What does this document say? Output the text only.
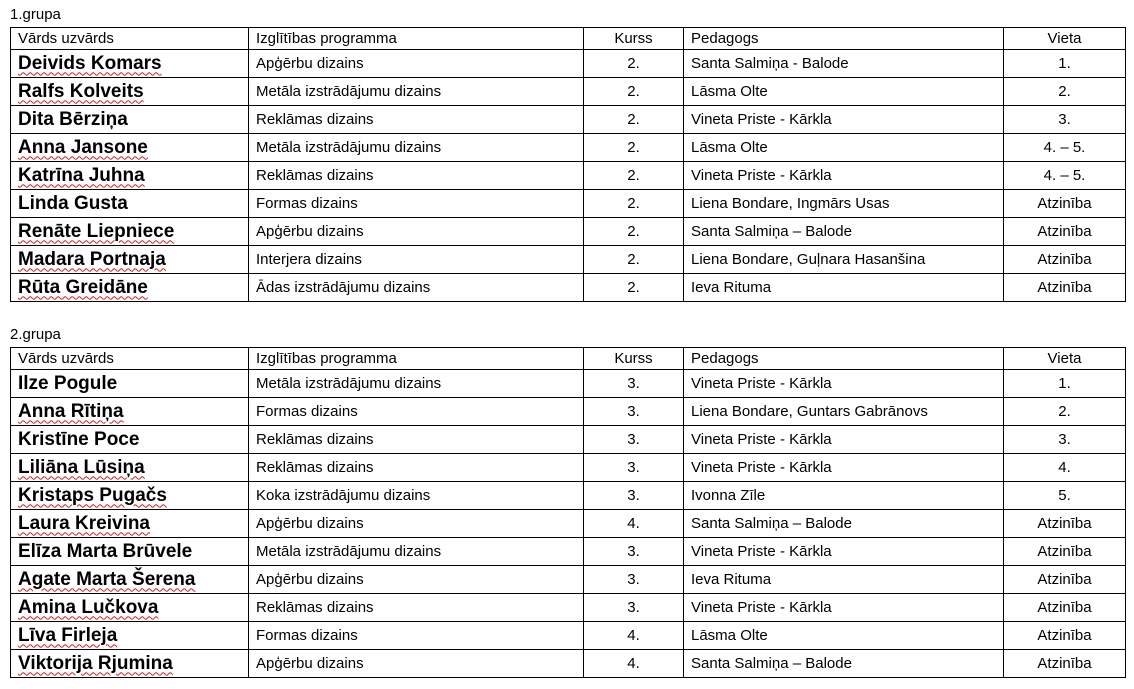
1.grupa
Vārds uzvārds	Izglītības programma	Kurss	Pedagogs	Vieta
Deivids Komars	Apģērbu dizains	2.	Santa Salmiņa - Balode	1.
Ralfs Kolveits	Metāla izstrādājumu dizains	2.	Lāsma Olte	2.
Dita Bērziņa	Reklāmas dizains	2.	Vineta Priste - Kārkla	3.
Anna Jansone	Metāla izstrādājumu dizains	2.	Lāsma Olte	4. – 5.
Katrīna Juhna	Reklāmas dizains	2.	Vineta Priste - Kārkla	4. – 5.
Linda Gusta	Formas dizains	2.	Liena Bondare, Ingmārs Usas	Atzinība
Renāte Liepniece	Apģērbu dizains	2.	Santa Salmiņa – Balode	Atzinība
Madara Portnaja	Interjera dizains	2.	Liena Bondare, Guļnara Hasanšina	Atzinība
Rūta Greidāne	Ādas izstrādājumu dizains	2.	Ieva Rituma	Atzinība
2.grupa
Vārds uzvārds	Izglītības programma	Kurss	Pedagogs	Vieta
Ilze Pogule	Metāla izstrādājumu dizains	3.	Vineta Priste - Kārkla	1.
Anna Rītiņa	Formas dizains	3.	Liena Bondare, Guntars Gabrānovs	2.
Kristīne Poce	Reklāmas dizains	3.	Vineta Priste - Kārkla	3.
Liliāna Lūsiņa	Reklāmas dizains	3.	Vineta Priste - Kārkla	4.
Kristaps Pugačs	Koka izstrādājumu dizains	3.	Ivonna Zīle	5.
Laura Kreivina	Apģērbu dizains	4.	Santa Salmiņa – Balode	Atzinība
Elīza Marta Brūvele	Metāla izstrādājumu dizains	3.	Vineta Priste - Kārkla	Atzinība
Agate Marta Šerena	Apģērbu dizains	3.	Ieva Rituma	Atzinība
Amina Lučkova	Reklāmas dizains	3.	Vineta Priste - Kārkla	Atzinība
Līva Firleja	Formas dizains	4.	Lāsma Olte	Atzinība
Viktorija Rjumina	Apģērbu dizains	4.	Santa Salmiņa – Balode	Atzinība
